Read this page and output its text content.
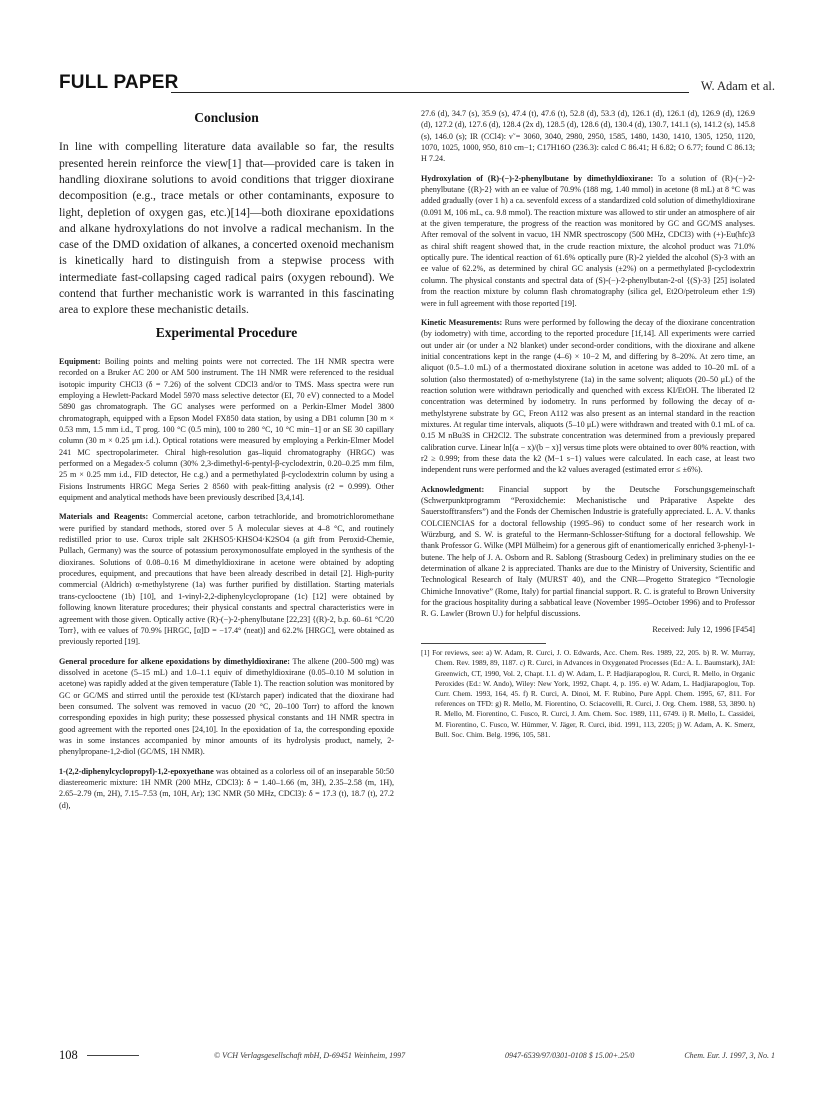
FULL PAPER	W. Adam et al.
Conclusion

In line with compelling literature data available so far, the results presented herein reinforce the view[1] that—provided care is taken in handling dioxirane solutions to avoid conditions that trigger dioxirane decomposition (e.g., trace metals or other contaminants, exposure to light, depletion of oxygen gas, etc.)[14]—both dioxirane epoxidations and alkane hydroxylations do not involve a radical mechanism. In the case of the DMD oxidation of alkanes, a concerted oxenoid mechanism is kinetically hard to distinguish from a stepwise process with intermediate fast-collapsing caged radical pairs (oxygen rebound). We contend that further mechanistic work is warranted in this fascinating area to explore these mechanistic details.

Experimental Procedure

Equipment: Boiling points and melting points were not corrected. The 1H NMR spectra were recorded on a Bruker AC 200 or AM 500 instrument. The 1H NMR were referenced to the residual isotopic impurity CHCl3 (δ = 7.26) of the solvent CDCl3 and/or to TMS. Mass spectra were run employing a Hewlett-Packard Model 5970 mass selective detector (EI, 70 eV) connected to a Model 5890 gas chromatograph. The GC analyses were performed on a Perkin-Elmer Model 3800 chromatograph, equipped with a Epson Model FX850 data station, by using a DB1 column [30 m × 0.53 mm, 1.5 mm i.d., T prog. 100 °C (0.5 min), 100 to 280 °C, 10 °C min−1] or an SE 30 capillary column (30 m × 0.25 μm i.d.). Optical rotations were measured by employing a Perkin-Elmer Model 241 MC spectropolarimeter. Chiral high-resolution gas–liquid chromatography (HRGC) was performed on a Megadex-5 column (30% 2,3-dimethyl-6-pentyl-β-cyclodextrin, 0.20–0.25 mm film, 25 m × 0.25 mm i.d., FID detector, He c.g.) and a permethylated β-cyclodextrin column by using a Fisions Instruments HRGC Mega Series 2 8560 with peak-fitting analysis (r2 = 0.999). Other equipment and analytical methods have been previously described [3,4,14].

Materials and Reagents: Commercial acetone, carbon tetrachloride, and bromotrichloromethane were purified by standard methods, stored over 5 Å molecular sieves at 4–8 °C, and routinely redistilled prior to use. Curox triple salt 2KHSO5·KHSO4·K2SO4 (a gift from Peroxid-Chemie, Pullach, Germany) was the source of potassium peroxymonosulfate employed in the synthesis of the dioxiranes. Solutions of 0.08–0.16 M dimethyldioxirane in acetone were obtained by adopting procedures, equipment, and precautions that have been already described in detail [2]. High-purity commercial (Aldrich) α-methylstyrene (1a) was further purified by distillation. Starting materials trans-cyclooctene (1b) [10], and 1-vinyl-2,2-diphenylcyclopropane (1c) [12] were obtained by following known literature procedures; their physical constants and spectral characteristics were in agreement with those given. Optically active (R)-(−)-2-phenylbutane [22,23] {(R)-2, b.p. 60–61 °C/20 Torr}, with ee values of 70.9% [HRGC, [α]D = −17.4° (neat)] and 62.2% [HRGC], were obtained as previously reported [19].

General procedure for alkene epoxidations by dimethyldioxirane: The alkene (200–500 mg) was dissolved in acetone (5–15 mL) and 1.0–1.1 equiv of dimethyldioxirane (0.05–0.10 M solution in acetone) was rapidly added at the given temperature (Table 1). The reaction solution was monitored by GC or GC/MS and stirred until the peroxide test (KI/starch paper) indicated that the dioxirane had been consumed. The solvent was removed in vacuo (20 °C, 20–100 Torr) to afford the known corresponding epoxides in high purity; these possessed physical constants and 1H NMR spectra in good agreement with the reported ones [24,10]. In the epoxidation of 1a, the corresponding epoxide was in some instances accompanied by minor amounts of its hydrolysis product, namely, 2-phenylpropane-1,2-diol (GC/MS, 1H NMR).

1-(2,2-diphenylcyclopropyl)-1,2-epoxyethane was obtained as a colorless oil of an inseparable 50:50 diastereomeric mixture: 1H NMR (200 MHz, CDCl3): δ = 1.40–1.66 (m, 3H), 2.35–2.58 (m, 1H), 2.65–2.79 (m, 2H), 7.15–7.53 (m, 10H, Ar); 13C NMR (50 MHz, CDCl3): δ = 17.3 (t), 18.7 (t), 27.2 (d),

27.6 (d), 34.7 (s), 35.9 (s), 47.4 (t), 47.6 (t), 52.8 (d), 53.3 (d), 126.1 (d), 126.1 (d), 126.9 (d), 126.9 (d), 127.2 (d), 127.6 (d), 128.4 (2x d), 128.5 (d), 128.6 (d), 130.4 (d), 130.7, 141.1 (s), 141.2 (s), 145.8 (s), 146.0 (s); IR (CCl4): ν̃ = 3060, 3040, 2980, 2950, 1585, 1480, 1430, 1410, 1305, 1250, 1120, 1070, 1025, 1000, 950, 810 cm−1; C17H16O (236.3): calcd C 86.41; H 6.82; O 6.77; found C 86.13; H 7.24.

Hydroxylation of (R)-(−)-2-phenylbutane by dimethyldioxirane: To a solution of (R)-(−)-2-phenylbutane {(R)-2} with an ee value of 70.9% (188 mg, 1.40 mmol) in acetone (8 mL) at 8 °C was added gradually (over 1 h) a ca. sevenfold excess of a standardized cold solution of dimethyldioxirane (0.091 M, 106 mL, ca. 9.8 mmol). The reaction mixture was allowed to stir under an atmosphere of air at the given temperature, the progress of the reaction was monitored by GC and GC/MS analyses. After removal of the solvent in vacuo, 1H NMR spectroscopy (500 MHz, CDCl3) with (+)-Eu(hfc)3 as chiral shift reagent showed that, in the crude reaction mixture, the alcohol product was 71.0% optically pure. The identical reaction of 61.6% optically pure (R)-2 yielded the alcohol (S)-3 with an ee value of 62.2%, as determined by chiral GC analysis (±2%) on a permethylated β-cyclodextrin column. The physical constants and spectral data of (S)-(−)-2-phenylbutan-2-ol {(S)-3} [25] isolated from the reaction mixture by column flash chromatography (silica gel, Et2O/petroleum ether 1:9) were in full agreement with those reported [19].

Kinetic Measurements: Runs were performed by following the decay of the dioxirane concentration (by iodometry) with time, according to the reported procedure [1f,14]. All experiments were carried out under air (or under a N2 blanket) under second-order conditions, with the dioxirane and alkene initial concentrations kept in the range (4–6) × 10−2 M, and differing by 8–20%. At zero time, an aliquot (0.5–1.0 mL) of a thermostated dioxirane solution in acetone was added to 10–20 mL of a solution (also thermostated) of α-methylstyrene (1a) in the same solvent; aliquots (20–50 μL) of the reaction solution were withdrawn periodically and quenched with excess KI/EtOH. The liberated I2 concentration was determined by iodometry. In runs performed by following the decay of α-methylstyrene substrate by GC, Freon A112 was also present as an internal standard in the reaction mixtures. At regular time intervals, aliquots (5–10 μL) were withdrawn and treated with 0.1 mL of ca. 0.15 M nBu3S in CH2Cl2. The substrate concentration was determined from a previously prepared calibration curve. Linear ln[(a − x)/(b − x)] versus time plots were obtained to over 80% reaction, with r2 ≥ 0.999; from these data the k2 (M−1 s−1) values were calculated. In each case, at least two independent runs were performed and the k2 values averaged (estimated error ≤ ±6%).

Acknowledgment: Financial support by the Deutsche Forschungsgemeinschaft (Schwerpunktprogramm “Peroxidchemie: Mechanistische und Präparative Aspekte des Sauerstofftransfers”) and the Fonds der Chemischen Industrie is gratefully appreciated. L. A. V. thanks COLCIENCIAS for a doctoral fellowship (1995–96) to conduct some of her research work in Würzburg, and S. W. is grateful to the Hermann-Schlosser-Stiftung for a doctoral fellowship. We thank Professor G. Wilke (MPI Mülheim) for a generous gift of enantiomerically enriched 3-phenyl-1-butene. The help of J. A. Osborn and R. Sablong (Strasbourg Cedex) in preliminary studies on the ee determination of alkane 2 is appreciated. Thanks are due to the Ministry of University, Scientific and Technological Research of Italy (MURST 40), and the CNR—Progetto Strategico “Tecnologie Chimiche Innovative” (Rome, Italy) for partial financial support. R. C. is grateful to Brown University for the gracious hospitality during a sabbatical leave (November 1995–October 1996) and to Professor R. G. Lawler (Brown U.) for helpful discussions.

Received: July 12, 1996 [F454]

[1] For reviews, see: a) W. Adam, R. Curci, J. O. Edwards, Acc. Chem. Res. 1989, 22, 205. b) R. W. Murray, Chem. Rev. 1989, 89, 1187. c) R. Curci, in Advances in Oxygenated Processes (Ed.: A. L. Baumstark), JAI: Greenwich, CT, 1990, Vol. 2, Chapt. I.1. d) W. Adam, L. P. Hadjiarapoglou, R. Curci, R. Mello, in Organic Peroxides (Ed.: W. Ando), Wiley: New York, 1992, Chapt. 4, p. 195. e) W. Adam, L. Hadjiarapoglou, Top. Curr. Chem. 1993, 164, 45. f) R. Curci, A. Dinoi, M. F. Rubino, Pure Appl. Chem. 1995, 67, 811. For references on TFD: g) R. Mello, M. Fiorentino, O. Sciacovelli, R. Curci, J. Org. Chem. 1988, 53, 3890. h) R. Mello, M. Fiorentino, C. Fusco, R. Curci, J. Am. Chem. Soc. 1989, 111, 6749. i) R. Mello, L. Cassidei, M. Fiorentino, C. Fusco, W. Hümmer, V. Jäger, R. Curci, ibid. 1991, 113, 2205; j) W. Adam, A. K. Smerz, Bull. Soc. Chim. Belg. 1996, 105, 581.

108	© VCH Verlagsgesellschaft mbH, D-69451 Weinheim, 1997	0947-6539/97/0301-0108 $ 15.00+.25/0	Chem. Eur. J. 1997, 3, No. 1
